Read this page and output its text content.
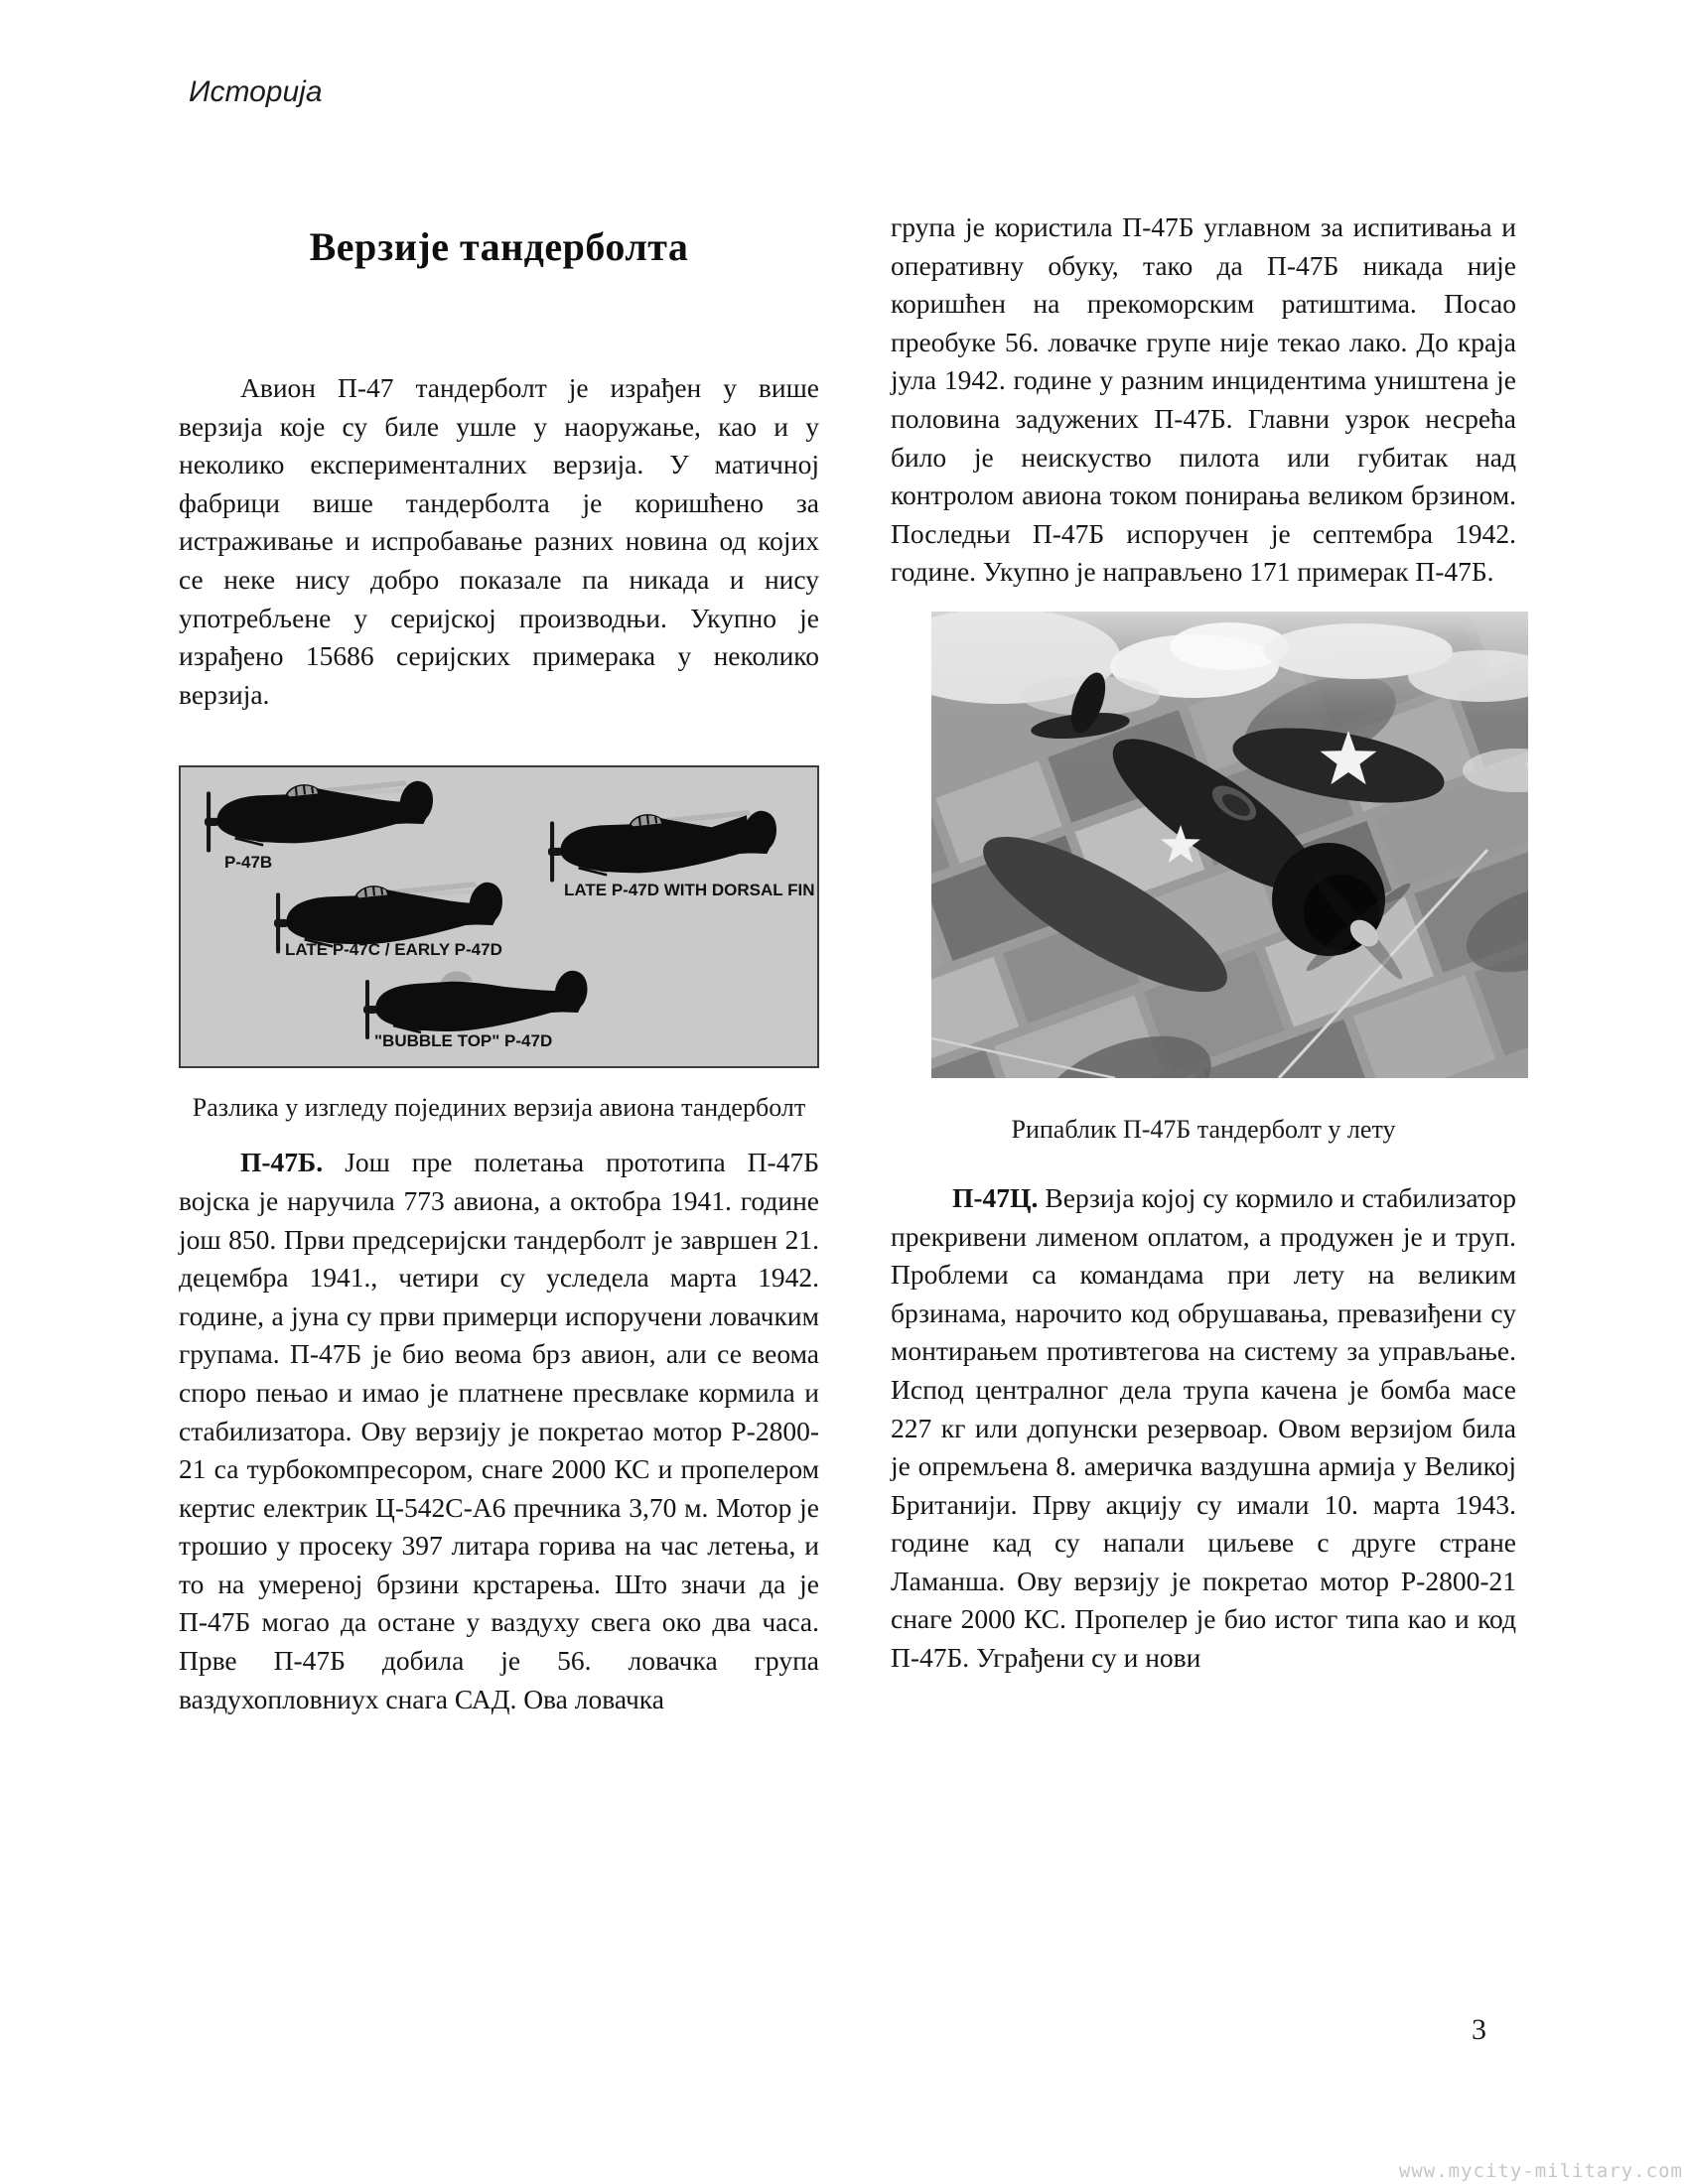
Историја
Верзије тандерболта

Авион П-47 тандерболт је израђен у више верзија које су биле ушле у наоружање, као и у неколико експерименталних верзија. У матичној фабрици више тандерболта је коришћено за истраживање и испробавање разних новина од којих се неке нису добро показале па никада и нису употребљене у серијској производњи. Укупно је израђено 15686 серијских примерака у неколико верзија.

P-47B
LATE P-47D WITH DORSAL FIN
LATE P-47C / EARLY P-47D
"BUBBLE TOP" P-47D
Разлика у изгледу појединих верзија авиона тандерболт

П-47Б. Још пре полетања прототипа П-47Б војска је наручила 773 авиона, а октобра 1941. године још 850. Први предсеријски тандерболт је завршен 21. децембра 1941., четири су уследела марта 1942. године, а јуна су први примерци испоручени ловачким групама. П-47Б је био веома брз авион, али се веома споро пењао и имао је платнене пресвлаке кормила и стабилизатора. Ову верзију је покретао мотор Р-2800-21 са турбокомпресором, снаге 2000 КС и пропелером кертис електрик Ц-542С-А6 пречника 3,70 м. Мотор је трошио у просеку 397 литара горива на час летења, и то на умереној брзини крстарења. Што значи да је П-47Б могао да остане у ваздуху свега око два часа. Прве П-47Б добила је 56. ловачка група ваздухопловниух снага САД. Ова ловачка

група је користила П-47Б углавном за испитивања и оперативну обуку, тако да П-47Б никада није коришћен на прекоморским ратиштима. Посао преобуке 56. ловачке групе није текао лако. До краја јула 1942. године у разним инцидентима уништена је половина задужених П-47Б. Главни узрок несрећа било је неискуство пилота или губитак над контролом авиона током понирања великом брзином. Последњи П-47Б испоручен је септембра 1942. године. Укупно је направљено 171 примерак П-47Б.

Рипаблик П-47Б тандерболт у лету

П-47Ц. Верзија којој су кормило и стабилизатор прекривени лименом оплатом, а продужен је и труп. Проблеми са командама при лету на великим брзинама, нарочито код обрушавања, превазиђени су монтирањем противтегова на систему за управљање. Испод централног дела трупа качена је бомба масе 227 кг или допунски резервоар. Овом верзијом била је опремљена 8. америчка ваздушна армија у Великој Британији. Прву акцију су имали 10. марта 1943. године кад су напали циљеве с друге стране Ламанша. Ову верзију је покретао мотор Р-2800-21 снаге 2000 КС. Пропелер је био истог типа као и код П-47Б. Уграђени су и нови

3
www.mycity-military.com
